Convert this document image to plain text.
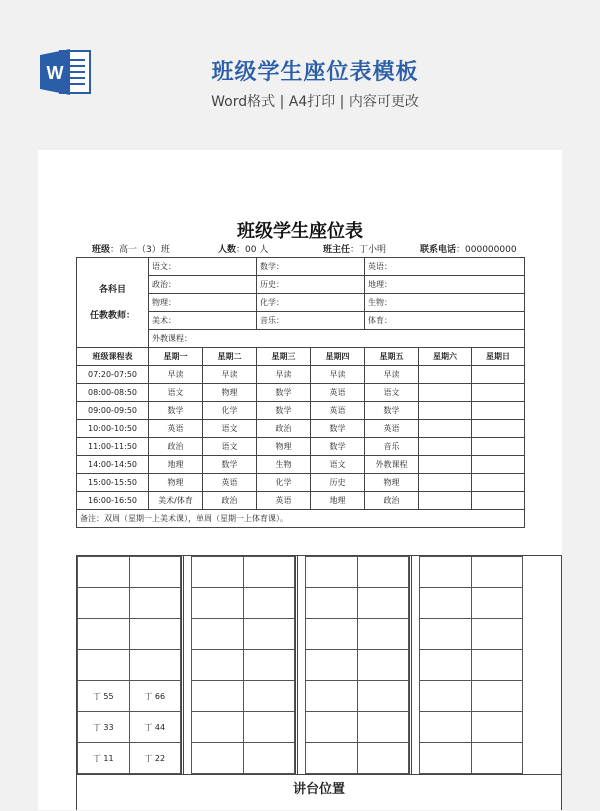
W	班级学生座位表模板
Word格式 | A4打印 | 内容可更改
班级学生座位表
班级：高一（3）班	人数：00 人	班主任：丁小明	联系电话：000000000
各科目
任教教师：	语文：		数学：		英语：		
	政治：		历史：		地理：		
	物理：		化学：		生物：		
	美术：		音乐：		体育：		
	外教课程：						
班级课程表	星期一	星期二	星期三	星期四	星期五	星期六	星期日
07:20-07:50	早读	早读	早读	早读	早读		
08:00-08:50	语文	物理	数学	英语	语文		
09:00-09:50	数学	化学	数学	英语	数学		
10:00-10:50	英语	语文	政治	数学	英语		
11:00-11:50	政治	语文	物理	数学	音乐		
14:00-14:50	地理	数学	生物	语文	外教课程		
15:00-15:50	物理	英语	化学	历史	物理		
16:00-16:50	美术/体育	政治	英语	地理	政治		
备注：双周（星期一上美术课），单周（星期一上体育课）。							

丁 55	丁 66
丁 33	丁 44
丁 11	丁 22

讲台位置
